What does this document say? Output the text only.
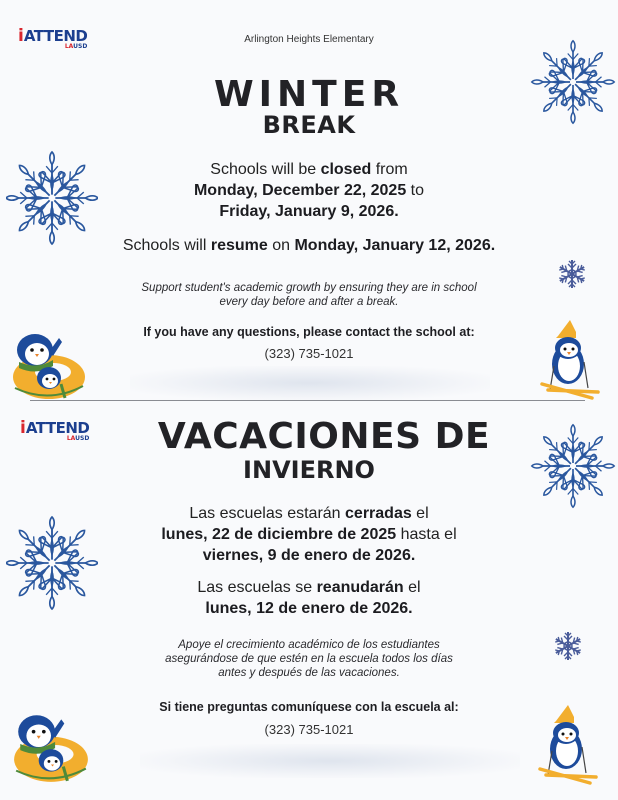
iATTEND
LAUSD
Arlington Heights Elementary
WINTER
BREAK
Schools will be closed from
Monday, December 22, 2025 to
Friday, January 9, 2026.
Schools will resume on Monday, January 12, 2026.
Support student's academic growth by ensuring they are in school
every day before and after a break.
If you have any questions, please contact the school at:
(323) 735-1021
iATTEND
LAUSD	VACACIONES DE
INVIERNO
Las escuelas estarán cerradas el
lunes, 22 de diciembre de 2025 hasta el
viernes, 9 de enero de 2026.
Las escuelas se reanudarán el
lunes, 12 de enero de 2026.
Apoye el crecimiento académico de los estudiantes
asegurándose de que estén en la escuela todos los días
antes y después de las vacaciones.
Si tiene preguntas comuníquese con la escuela al:
(323) 735-1021
